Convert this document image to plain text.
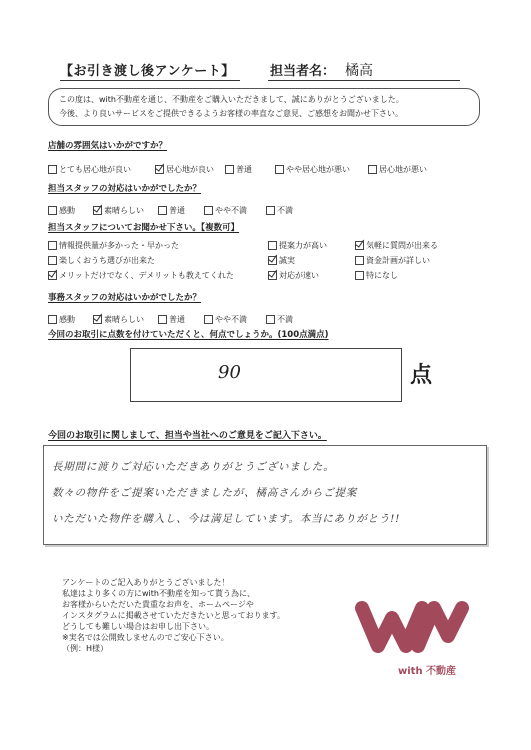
【お引き渡し後アンケート】	担当者名： 橘高
この度は、with不動産を通じ、不動産をご購入いただきまして、誠にありがとうございました。
今後、より良いサービスをご提供できるようお客様の率直なご意見、ご感想をお聞かせ下さい。
店舗の雰囲気はいかがですか？
とても居心地が良い	居心地が良い	普通	やや居心地が悪い	居心地が悪い
担当スタッフの対応はいかがでしたか？
感動	素晴らしい	普通	やや不満	不満
担当スタッフについてお聞かせ下さい。【複数可】
情報提供量が多かった・早かった	提案力が高い	気軽に質問が出来る
楽しくおうち選びが出来た	誠実	資金計画が詳しい
メリットだけでなく、デメリットも教えてくれた	対応が速い	特になし
事務スタッフの対応はいかがでしたか？
感動	素晴らしい	普通	やや不満	不満
今回のお取引に点数を付けていただくと、何点でしょうか。(100点満点)
90	点
今回のお取引に関しまして、担当や当社へのご意見をご記入下さい。
長期間に渡りご対応いただきありがとうございました。
数々の物件をご提案いただきましたが、橘高さんからご提案
いただいた物件を購入し、今は満足しています。本当にありがとう!!
アンケートのご記入ありがとうございました！
私達はより多くの方にwith不動産を知って貰う為に、
お客様からいただいた貴重なお声を、ホームページや
インスタグラムに掲載させていただきたいと思っております。
どうしても難しい場合はお申し出下さい。
※実名では公開致しませんのでご安心下さい。
（例：H様）
with 不動産
